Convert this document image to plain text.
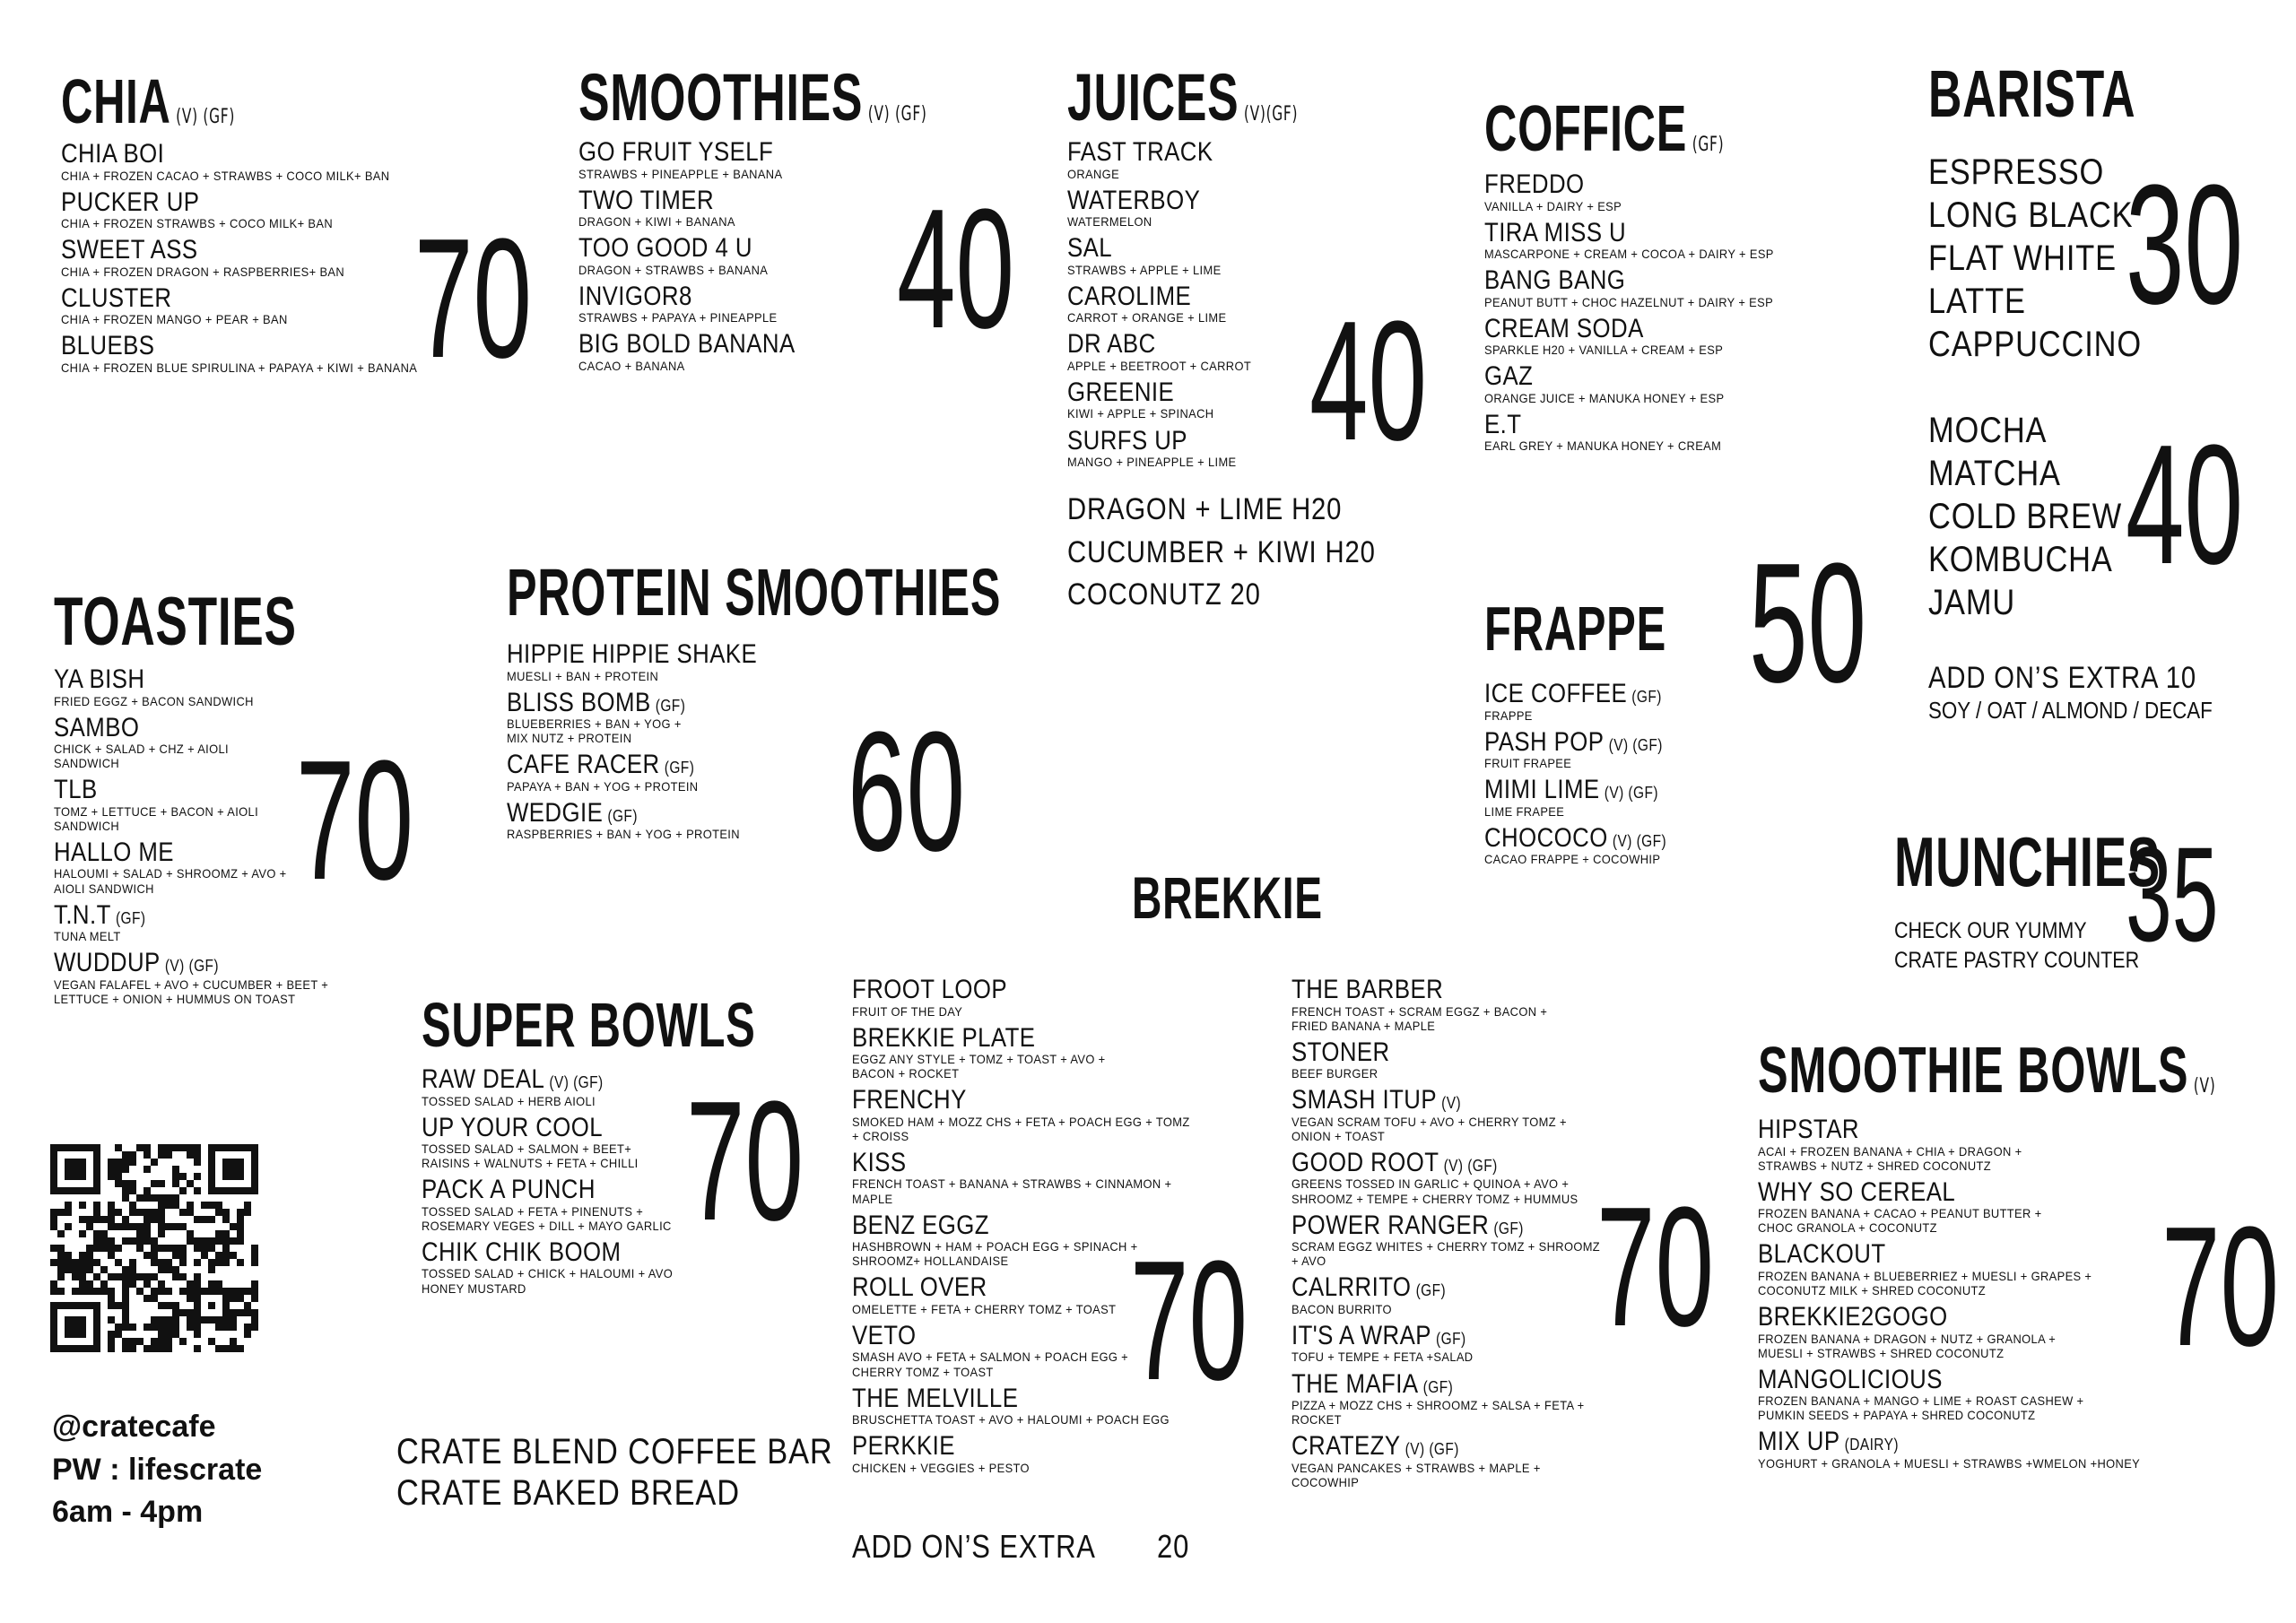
CHIA (V) (GF)
CHIA BOI
CHIA + FROZEN CACAO + STRAWBS + COCO MILK+ BAN
PUCKER UP
CHIA + FROZEN STRAWBS + COCO MILK+ BAN
SWEET ASS
CHIA + FROZEN DRAGON + RASPBERRIES+ BAN
CLUSTER
CHIA + FROZEN MANGO + PEAR + BAN
BLUEBS
CHIA + FROZEN BLUE SPIRULINA + PAPAYA + KIWI + BANANA
70
SMOOTHIES (V) (GF)
GO FRUIT YSELF
STRAWBS + PINEAPPLE + BANANA
TWO TIMER
DRAGON + KIWI + BANANA
TOO GOOD 4 U
DRAGON + STRAWBS + BANANA
INVIGOR8
STRAWBS + PAPAYA + PINEAPPLE
BIG BOLD BANANA
CACAO + BANANA
40
JUICES (V)(GF)
FAST TRACK
ORANGE
WATERBOY
WATERMELON
SAL
STRAWBS + APPLE + LIME
CAROLIME
CARROT + ORANGE + LIME
DR ABC
APPLE + BEETROOT + CARROT
GREENIE
KIWI + APPLE + SPINACH
SURFS UP
MANGO + PINEAPPLE + LIME
DRAGON + LIME H20
CUCUMBER + KIWI H20
COCONUTZ 20
40
COFFICE (GF)
FREDDO
VANILLA + DAIRY + ESP
TIRA MISS U
MASCARPONE + CREAM + COCOA + DAIRY + ESP
BANG BANG
PEANUT BUTT + CHOC HAZELNUT + DAIRY + ESP
CREAM SODA
SPARKLE H20 + VANILLA + CREAM + ESP
GAZ
ORANGE JUICE + MANUKA HONEY + ESP
E.T
EARL GREY + MANUKA HONEY + CREAM
50
FRAPPE
ICE COFFEE (GF)
FRAPPE
PASH POP (V) (GF)
FRUIT FRAPEE
MIMI LIME (V) (GF)
LIME FRAPEE
CHOCOCO (V) (GF)
CACAO FRAPPE + COCOWHIP
BARISTA
ESPRESSO
LONG BLACK
FLAT WHITE
LATTE
CAPPUCCINO
MOCHA
MATCHA
COLD BREW
KOMBUCHA
JAMU
ADD ON’S EXTRA 10
SOY / OAT / ALMOND / DECAF
30
40
MUNCHIES
CHECK OUR YUMMY
CRATE PASTRY COUNTER
35
TOASTIES
YA BISH
FRIED EGGZ + BACON SANDWICH
SAMBO
CHICK + SALAD + CHZ + AIOLI
SANDWICH
TLB
TOMZ + LETTUCE + BACON + AIOLI
SANDWICH
HALLO ME
HALOUMI + SALAD + SHROOMZ + AVO +
AIOLI SANDWICH
T.N.T (GF)
TUNA MELT
WUDDUP (V) (GF)
VEGAN FALAFEL + AVO + CUCUMBER + BEET +
LETTUCE + ONION + HUMMUS ON TOAST
70
PROTEIN SMOOTHIES
HIPPIE HIPPIE SHAKE
MUESLI + BAN + PROTEIN
BLISS BOMB (GF)
BLUEBERRIES + BAN + YOG +
MIX NUTZ + PROTEIN
CAFE RACER (GF)
PAPAYA + BAN + YOG + PROTEIN
WEDGIE (GF)
RASPBERRIES + BAN + YOG + PROTEIN 60
SUPER BOWLS
RAW DEAL (V) (GF)
TOSSED SALAD + HERB AIOLI
UP YOUR COOL
TOSSED SALAD + SALMON + BEET+
RAISINS + WALNUTS + FETA + CHILLI
PACK A PUNCH
TOSSED SALAD + FETA + PINENUTS +
ROSEMARY VEGES + DILL + MAYO GARLIC
CHIK CHIK BOOM
TOSSED SALAD + CHICK + HALOUMI + AVO
HONEY MUSTARD
70
CRATE BLEND COFFEE BAR
CRATE BAKED BREAD
@cratecafe
PW : lifescrate
6am - 4pm
BREKKIE
FROOT LOOP
FRUIT OF THE DAY
BREKKIE PLATE
EGGZ ANY STYLE + TOMZ + TOAST + AVO +
BACON + ROCKET
FRENCHY
SMOKED HAM + MOZZ CHS + FETA + POACH EGG + TOMZ + CROISS
KISS
FRENCH TOAST + BANANA + STRAWBS + CINNAMON + MAPLE
BENZ EGGZ
HASHBROWN + HAM + POACH EGG + SPINACH +
SHROOMZ+ HOLLANDAISE
ROLL OVER
OMELETTE + FETA + CHERRY TOMZ + TOAST
VETO
SMASH AVO + FETA + SALMON + POACH EGG +
CHERRY TOMZ + TOAST
THE MELVILLE
BRUSCHETTA TOAST + AVO + HALOUMI + POACH EGG
PERKKIE
CHICKEN + VEGGIES + PESTO
70
ADD ON’S EXTRA 20
THE BARBER
FRENCH TOAST + SCRAM EGGZ + BACON +
FRIED BANANA + MAPLE
STONER
BEEF BURGER
SMASH ITUP (V)
VEGAN SCRAM TOFU + AVO + CHERRY TOMZ + ONION + TOAST
GOOD ROOT (V) (GF)
GREENS TOSSED IN GARLIC + QUINOA + AVO +
SHROOMZ + TEMPE + CHERRY TOMZ + HUMMUS
POWER RANGER (GF)
SCRAM EGGZ WHITES + CHERRY TOMZ + SHROOMZ + AVO
CALRRITO (GF)
BACON BURRITO
IT'S A WRAP (GF)
TOFU + TEMPE + FETA +SALAD
THE MAFIA (GF)
PIZZA + MOZZ CHS + SHROOMZ + SALSA + FETA + ROCKET
CRATEZY (V) (GF)
VEGAN PANCAKES + STRAWBS + MAPLE + COCOWHIP
70
SMOOTHIE BOWLS (V)
HIPSTAR
ACAI + FROZEN BANANA + CHIA + DRAGON +
STRAWBS + NUTZ + SHRED COCONUTZ
WHY SO CEREAL
FROZEN BANANA + CACAO + PEANUT BUTTER +
CHOC GRANOLA + COCONUTZ
BLACKOUT
FROZEN BANANA + BLUEBERRIEZ + MUESLI + GRAPES +
COCONUTZ MILK + SHRED COCONUTZ
BREKKIE2GOGO
FROZEN BANANA + DRAGON + NUTZ + GRANOLA +
MUESLI + STRAWBS + SHRED COCONUTZ
MANGOLICIOUS
FROZEN BANANA + MANGO + LIME + ROAST CASHEW +
PUMKIN SEEDS + PAPAYA + SHRED COCONUTZ
MIX UP (DAIRY)
YOGHURT + GRANOLA + MUESLI + STRAWBS +WMELON +HONEY
70
